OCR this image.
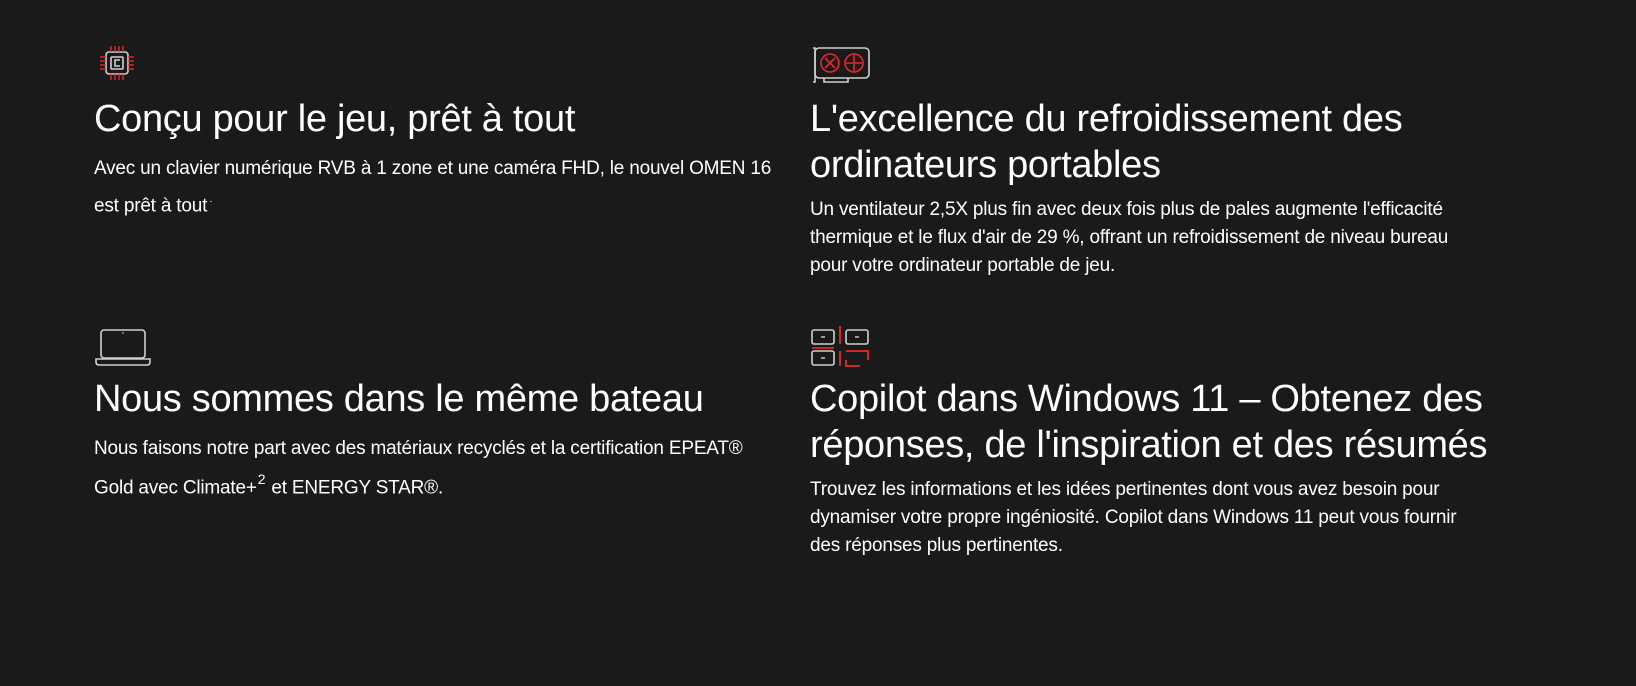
Conçu pour le jeu, prêt à tout

Avec un clavier numérique RVB à 1 zone et une caméra FHD, le nouvel OMEN 16 est prêt à tout ·

L'excellence du refroidissement des ordinateurs portables

Un ventilateur 2,5X plus fin avec deux fois plus de pales augmente l'efficacité thermique et le flux d'air de 29 %, offrant un refroidissement de niveau bureau pour votre ordinateur portable de jeu.

Nous sommes dans le même bateau

Nous faisons notre part avec des matériaux recyclés et la certification EPEAT® Gold avec Climate+$^2$ et ENERGY STAR®.

Copilot dans Windows 11 – Obtenez des réponses, de l'inspiration et des résumés

Trouvez les informations et les idées pertinentes dont vous avez besoin pour dynamiser votre propre ingéniosité. Copilot dans Windows 11 peut vous fournir des réponses plus pertinentes.
